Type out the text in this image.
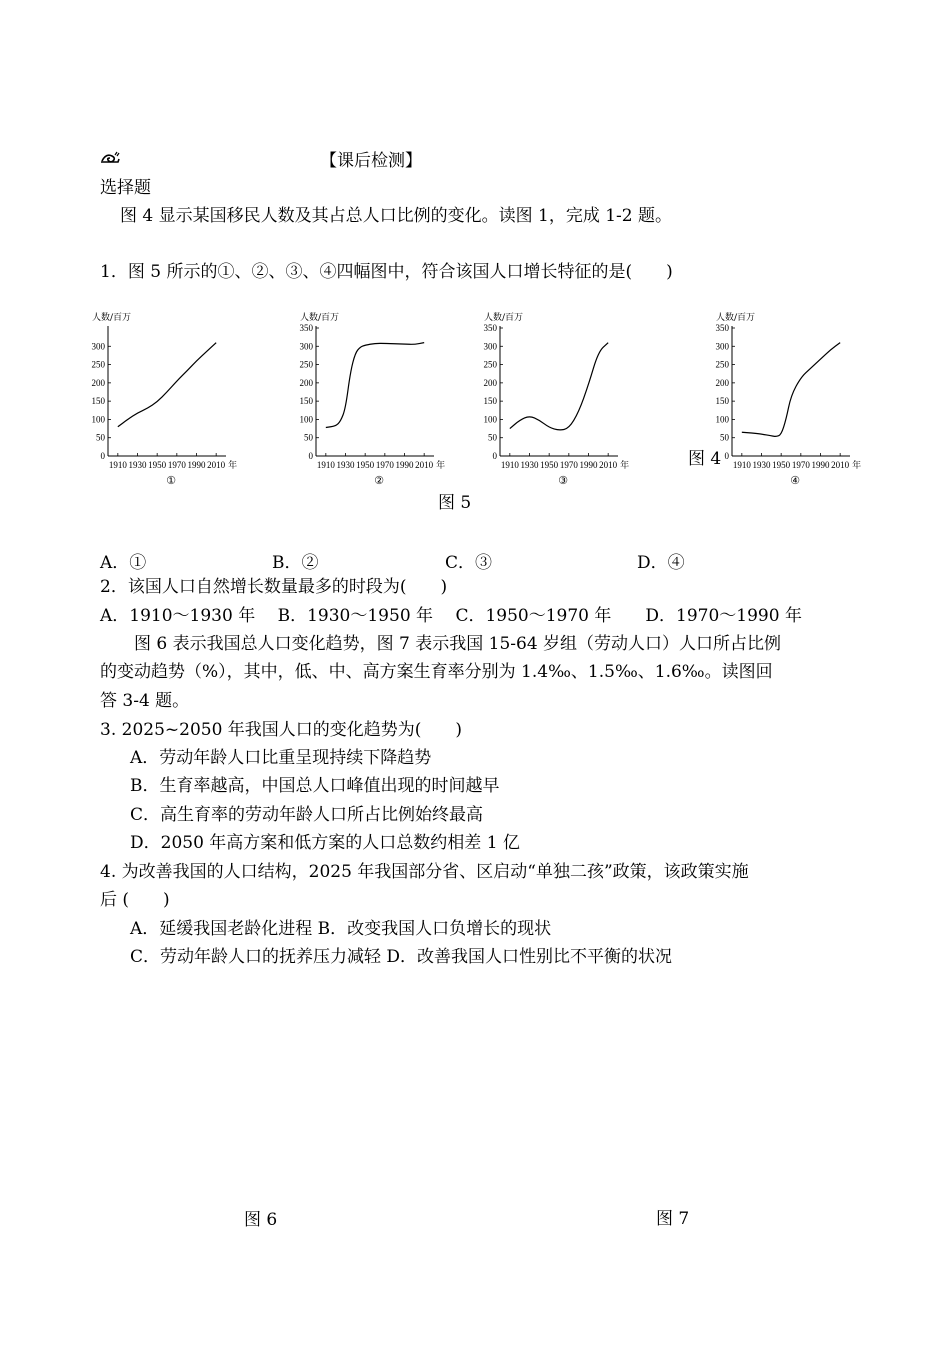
【课后检测】
选择题
图 4 显示某国移民人数及其占总人口比例的变化。读图 1，完成 1-2 题。
1．图 5 所示的①、②、③、④四幅图中，符合该国人口增长特征的是(　　)
人数/百万
0
50
100
150
200
250
300
1910 1930 1950 1970 1990 2010 年
①
人数/百万
0
50
100
150
200
250
300
350
1910 1930 1950 1970 1990 2010 年
②
人数/百万
0
50
100
150
200
250
300
350
1910 1930 1950 1970 1990 2010 年
③
人数/百万
0
50
100
150
200
250
300
350
1910 1930 1950 1970 1990 2010 年
④
图 4
图 5
A．①	B．②	C．③	D．④
2．该国人口自然增长数量最多的时段为(　　)
A．1910～1930 年　 B．1930～1950 年　 C．1950～1970 年　　D．1970～1990 年
　　图 6 表示我国总人口变化趋势，图 7 表示我国 15-64 岁组（劳动人口）人口所占比例
的变动趋势（%），其中，低、中、高方案生育率分别为 1.4‰、1.5‰、1.6‰。读图回
答 3-4 题。
3. 2025~2050 年我国人口的变化趋势为(　　)
A．劳动年龄人口比重呈现持续下降趋势
B．生育率越高，中国总人口峰值出现的时间越早
C．高生育率的劳动年龄人口所占比例始终最高
D．2050 年高方案和低方案的人口总数约相差 1 亿
4. 为改善我国的人口结构，2025 年我国部分省、区启动“单独二孩”政策，该政策实施
后 (　　)
A．延缓我国老龄化进程 B．改变我国人口负增长的现状
C．劳动年龄人口的抚养压力减轻 D．改善我国人口性别比不平衡的状况
图 6	图 7
